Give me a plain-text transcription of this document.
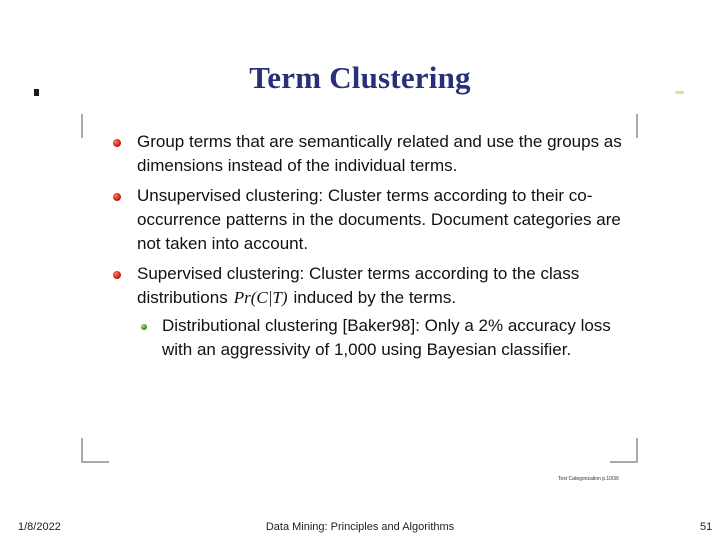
Term Clustering
Group terms that are semantically related and use the groups as dimensions instead of the individual terms.
Unsupervised clustering: Cluster terms according to their co-occurrence patterns in the documents. Document categories are not taken into account.
Supervised clustering: Cluster terms according to the class distributions Pr(C|T) induced by the terms.
Distributional clustering [Baker98]: Only a 2% accuracy loss with an aggressivity of 1,000 using Bayesian classifier.
Text Categorization p.10/36
1/8/2022	Data Mining: Principles and Algorithms	51
